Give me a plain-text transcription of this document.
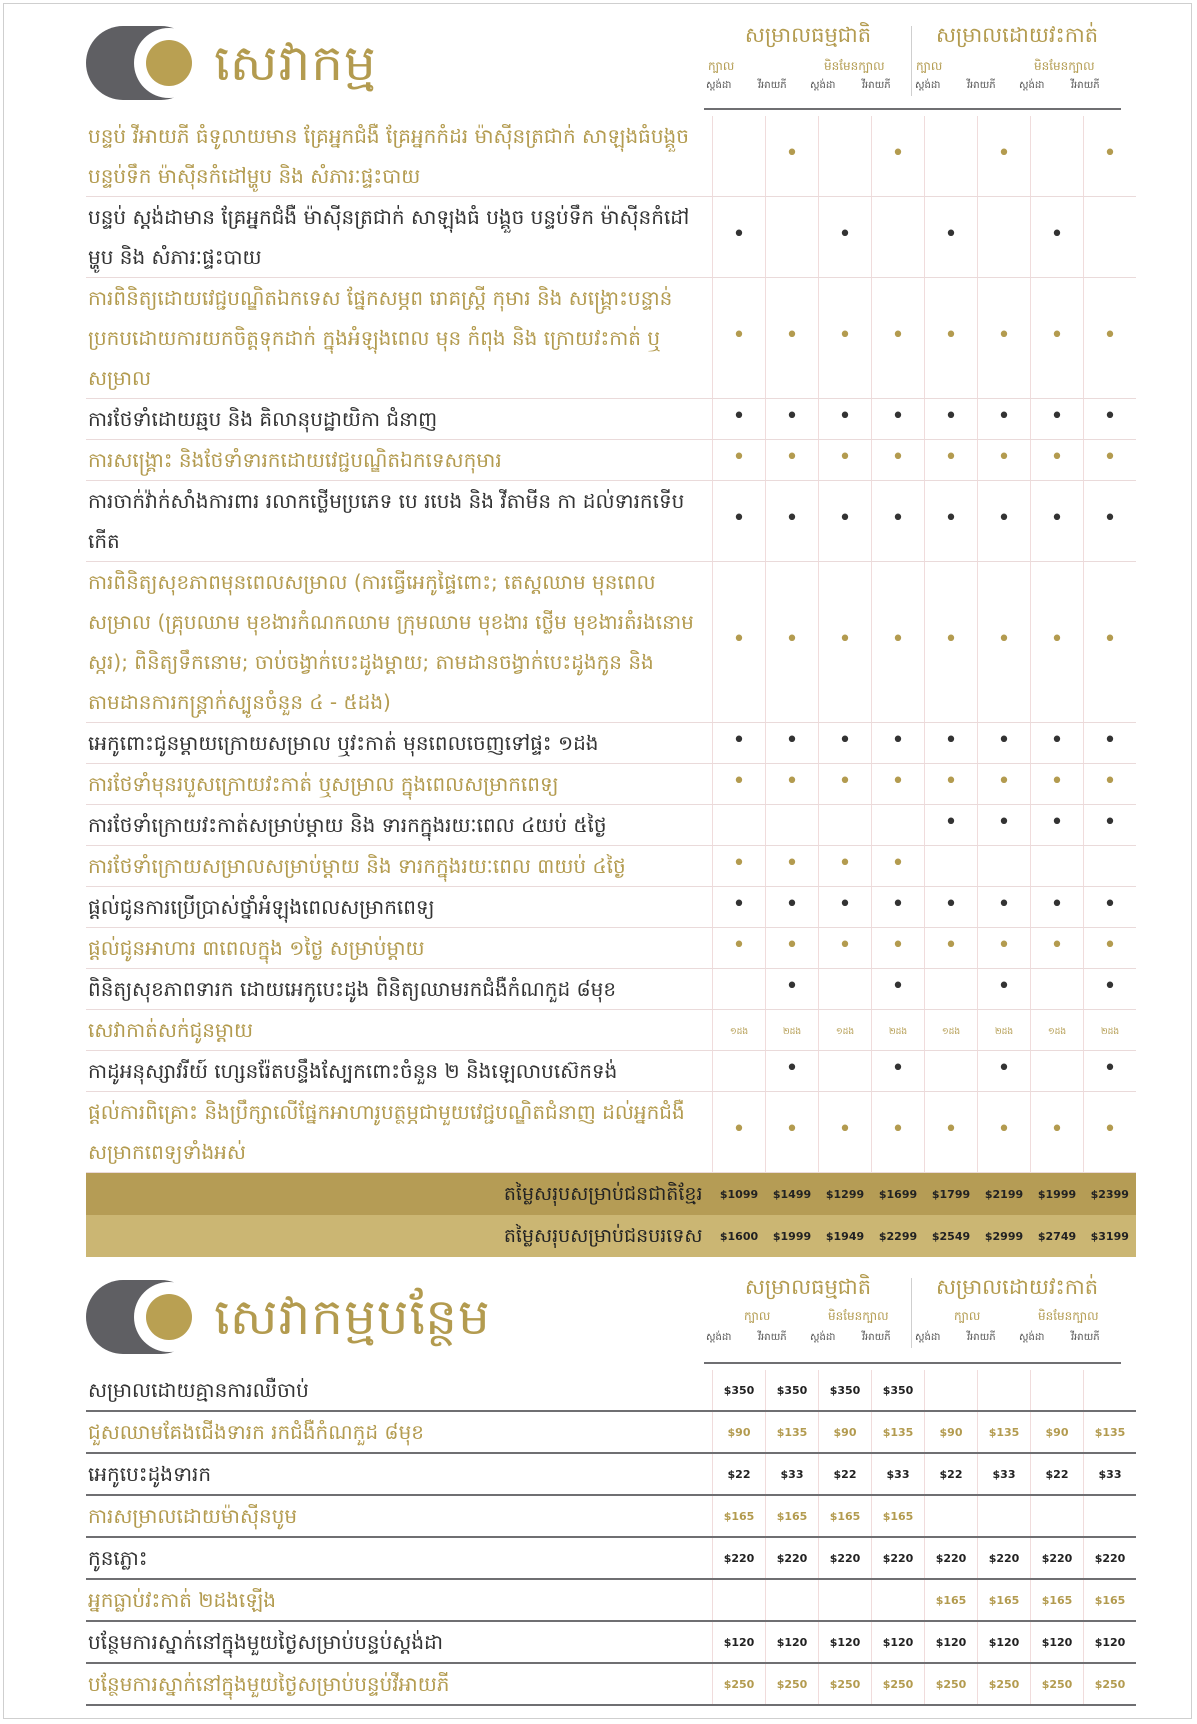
សេវាកម្ម	សម្រាលធម្មជាតិ	សម្រាលដោយវះកាត់
ក្បាល	មិនមែនក្បាល	ក្បាល	មិនមែនក្បាល
ស្តង់ដា	វីអាយភី ស្តង់ដា	វីអាយភី ស្តង់ដា	វីអាយភី ស្តង់ដា	វីអាយភី
បន្ទប់ វីអាយភី ធំទូលាយមាន គ្រែអ្នកជំងឺ គ្រែអ្នកកំដរ ម៉ាស៊ីនត្រជាក់ សាឡុងធំបង្គួច បន្ទប់ទឹក ម៉ាស៊ីនកំដៅម្ហូប និង សំភារៈផ្ទះបាយ		•		•		•		•
បន្ទប់ ស្តង់ដាមាន គ្រែអ្នកជំងឺ ម៉ាស៊ីនត្រជាក់ សាឡុងធំ បង្គួច បន្ទប់ទឹក ម៉ាស៊ីនកំដៅម្ហូប និង សំភារៈផ្ទះបាយ	•		•		•		•	
ការពិនិត្យដោយវេជ្ជបណ្ឌិតឯកទេស ផ្នែកសម្ភព រោគស្ត្រី កុមារ និង សង្គ្រោះបន្ទាន់ ប្រកបដោយការយកចិត្តទុកដាក់ ក្នុងអំឡុងពេល មុន កំពុង និង ក្រោយវះកាត់ ឬសម្រាល	•	•	•	•	•	•	•	•
ការថែទាំដោយឆ្មប និង គិលានុបដ្ឋាយិកា ជំនាញ	•	•	•	•	•	•	•	•
ការសង្គ្រោះ និងថែទាំទារកដោយវេជ្ជបណ្ឌិតឯកទេសកុមារ	•	•	•	•	•	•	•	•
ការចាក់វ៉ាក់សាំងការពារ រលាកថ្លើមប្រភេទ បេ របេង និង វីតាមីន កា ដល់ទារកទើបកើត	•	•	•	•	•	•	•	•
ការពិនិត្យសុខភាពមុនពេលសម្រាល (ការធ្វើអេកូផ្ទៃពោះ; តេស្តឈាម មុនពេលសម្រាល (គ្រុបឈាម មុខងារកំណកឈាម ក្រុមឈាម មុខងារ ថ្លើម មុខងារតំរងនោម ស្ករ); ពិនិត្យទឹកនោម; ចាប់ចង្វាក់បេះដូងម្តាយ; តាមដានចង្វាក់បេះដូងកូន និងតាមដានការកន្ត្រាក់ស្បូនចំនួន ៤ - ៥ដង)	•	•	•	•	•	•	•	•
អេកូពោះជូនម្តាយក្រោយសម្រាល ឬវះកាត់ មុនពេលចេញទៅផ្ទះ ១ដង	•	•	•	•	•	•	•	•
ការថែទាំមុនរបួសក្រោយវះកាត់ ឬសម្រាល ក្នុងពេលសម្រាកពេទ្យ	•	•	•	•	•	•	•	•
ការថែទាំក្រោយវះកាត់សម្រាប់ម្តាយ និង ទារកក្នុងរយៈពេល ៤យប់ ៥ថ្ងៃ					•	•	•	•
ការថែទាំក្រោយសម្រាលសម្រាប់ម្តាយ និង ទារកក្នុងរយៈពេល ៣យប់ ៤ថ្ងៃ	•	•	•	•				
ផ្តល់ជូនការប្រើប្រាស់ថ្នាំអំឡុងពេលសម្រាកពេទ្យ	•	•	•	•	•	•	•	•
ផ្តល់ជូនអាហារ ៣ពេលក្នុង ១ថ្ងៃ សម្រាប់ម្តាយ	•	•	•	•	•	•	•	•
ពិនិត្យសុខភាពទារក ដោយអេកូបេះដូង ពិនិត្យឈាមរកជំងឺកំណកួដ ៨មុខ		•		•		•		•
សេវាកាត់សក់ជូនម្តាយ	១ដង	២ដង	១ដង	២ដង	១ដង	២ដង	១ដង	២ដង
កាដូអនុស្សាវរីយ៍ ហ្សេនរ៉ែតបន្ទឹងស្បែកពោះចំនួន ២ និងឡេលាបស៊េកទង់		•		•		•		•
ផ្តល់ការពិគ្រោះ និងប្រឹក្សាលើផ្នែកអាហារូបត្ថម្ភជាមួយវេជ្ជបណ្ឌិតជំនាញ ដល់អ្នកជំងឺសម្រាកពេទ្យទាំងអស់	•	•	•	•	•	•	•	•
តម្លៃសរុបសម្រាប់ជនជាតិខ្មែរ	$1099	$1499	$1299	$1699	$1799	$2199	$1999	$2399
តម្លៃសរុបសម្រាប់ជនបរទេស	$1600	$1999	$1949	$2299	$2549	$2999	$2749	$3199
សេវាកម្មបន្ថែម
សម្រាលធម្មជាតិ	សម្រាលដោយវះកាត់
ក្បាល	មិនមែនក្បាល	ក្បាល	មិនមែនក្បាល
ស្តង់ដា	វីអាយភី ស្តង់ដា	វីអាយភី ស្តង់ដា	វីអាយភី ស្តង់ដា	វីអាយភី
សម្រាលដោយគ្មានការឈឺចាប់	$350	$350	$350	$350				
ជួសឈាមគែងជើងទារក រកជំងឺកំណកួដ ៨មុខ	$90	$135	$90	$135	$90	$135	$90	$135
អេកូបេះដូងទារក	$22	$33	$22	$33	$22	$33	$22	$33
ការសម្រាលដោយម៉ាស៊ីនបូម	$165	$165	$165	$165				
កូនភ្លោះ	$220	$220	$220	$220	$220	$220	$220	$220
អ្នកធ្លាប់វះកាត់ ២ដងឡើង					$165	$165	$165	$165
បន្ថែមការស្នាក់នៅក្នុងមួយថ្ងៃសម្រាប់បន្ទប់ស្តង់ដា	$120	$120	$120	$120	$120	$120	$120	$120
បន្ថែមការស្នាក់នៅក្នុងមួយថ្ងៃសម្រាប់បន្ទប់វីអាយភី	$250	$250	$250	$250	$250	$250	$250	$250
